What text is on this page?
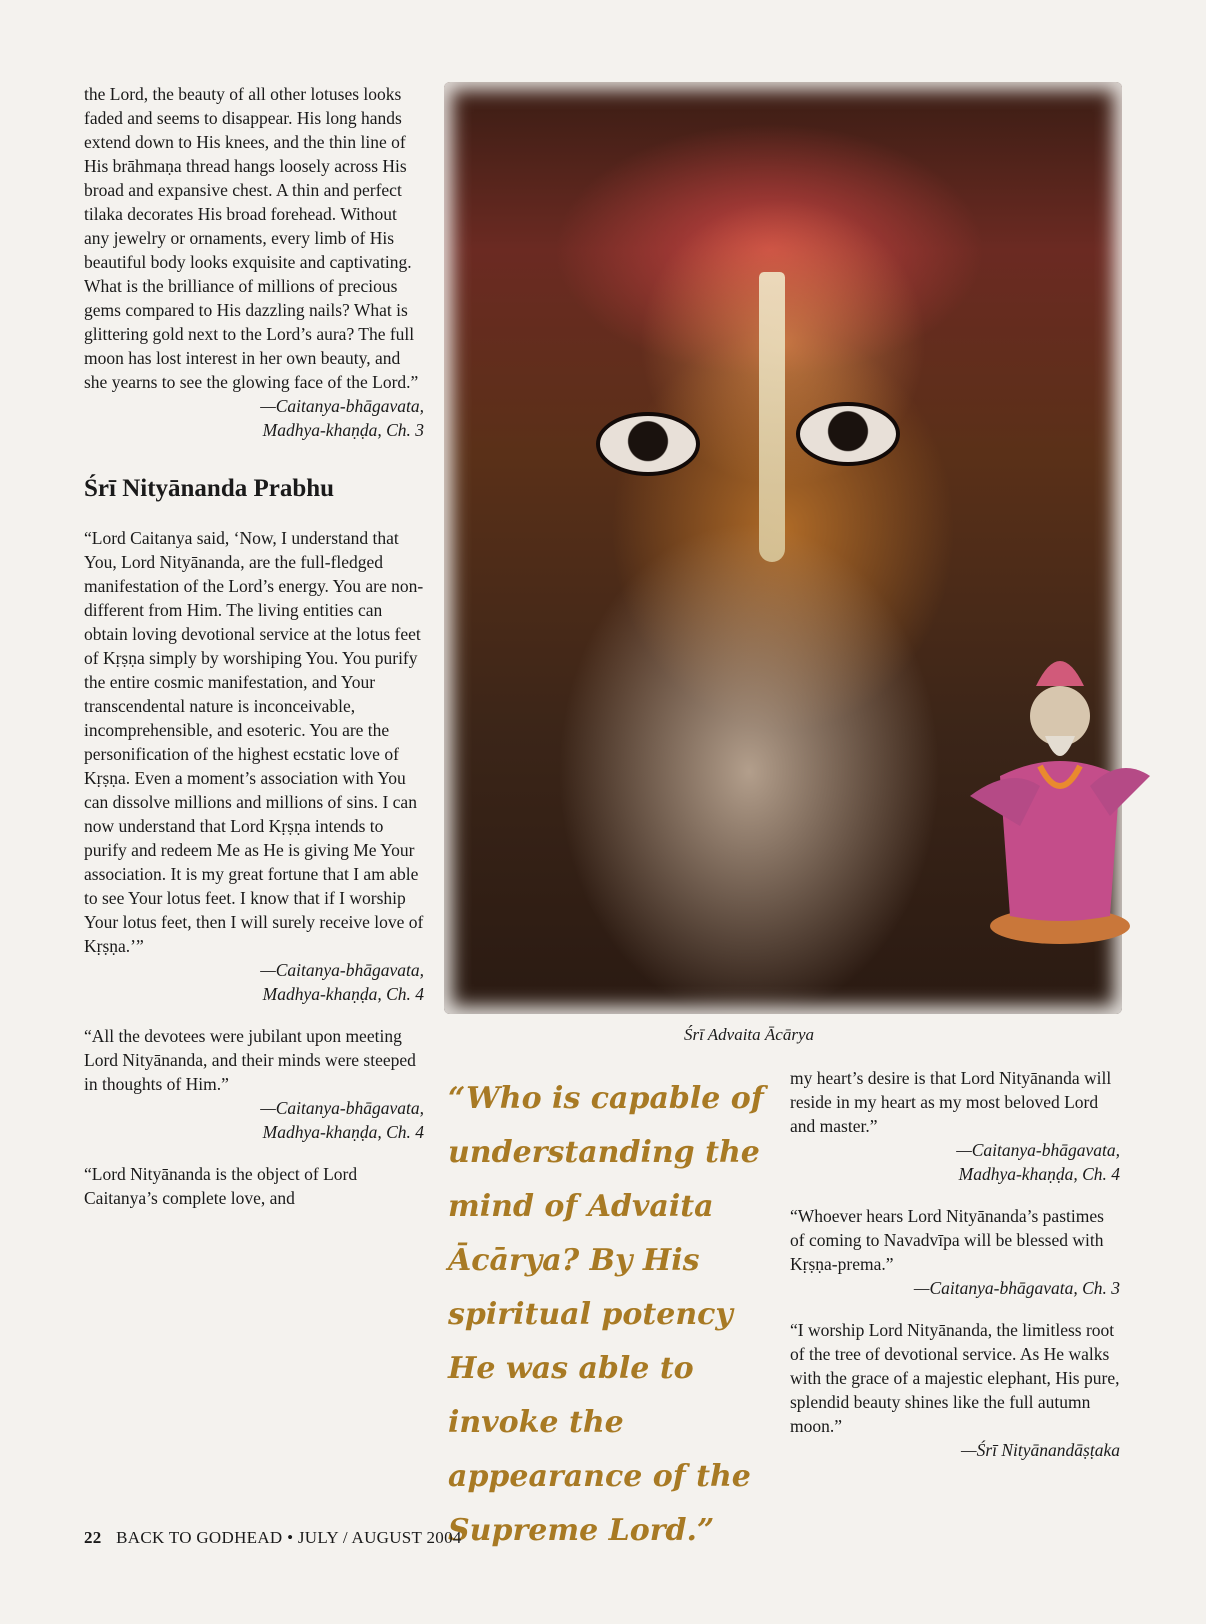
the Lord, the beauty of all other lotuses looks faded and seems to disappear. His long hands extend down to His knees, and the thin line of His brāhmaṇa thread hangs loosely across His broad and expansive chest. A thin and perfect tilaka decorates His broad forehead. Without any jewelry or ornaments, every limb of His beautiful body looks exquisite and captivating. What is the brilliance of millions of precious gems compared to His dazzling nails? What is glittering gold next to the Lord’s aura? The full moon has lost interest in her own beauty, and she yearns to see the glowing face of the Lord.”

—Caitanya-bhāgavata,
Madhya-khaṇḍa, Ch. 3
Śrī Nityānanda Prabhu

“Lord Caitanya said, ‘Now, I understand that You, Lord Nityānanda, are the full-fledged manifestation of the Lord’s energy. You are non-different from Him. The living entities can obtain loving devotional service at the lotus feet of Kṛṣṇa simply by worshiping You. You purify the entire cosmic manifestation, and Your transcendental nature is inconceivable, incomprehensible, and esoteric. You are the personification of the highest ecstatic love of Kṛṣṇa. Even a moment’s association with You can dissolve millions and millions of sins. I can now understand that Lord Kṛṣṇa intends to purify and redeem Me as He is giving Me Your association. It is my great fortune that I am able to see Your lotus feet. I know that if I worship Your lotus feet, then I will surely receive love of Kṛṣṇa.’”

—Caitanya-bhāgavata,
Madhya-khaṇḍa, Ch. 4

“All the devotees were jubilant upon meeting Lord Nityānanda, and their minds were steeped in thoughts of Him.”

—Caitanya-bhāgavata,
Madhya-khaṇḍa, Ch. 4

“Lord Nityānanda is the object of Lord Caitanya’s complete love, and

Śrī Advaita Ācārya
“Who is capable of understanding the mind of Advaita Ācārya? By His spiritual potency He was able to invoke the appearance of the Supreme Lord.”

my heart’s desire is that Lord Nityānanda will reside in my heart as my most beloved Lord and master.”

—Caitanya-bhāgavata,
Madhya-khaṇḍa, Ch. 4

“Whoever hears Lord Nityānanda’s pastimes of coming to Navadvīpa will be blessed with Kṛṣṇa-prema.”

—Caitanya-bhāgavata, Ch. 3

“I worship Lord Nityānanda, the limitless root of the tree of devotional service. As He walks with the grace of a majestic elephant, His pure, splendid beauty shines like the full autumn moon.”

—Śrī Nityānandāṣṭaka
22 BACK TO GODHEAD • JULY / AUGUST 2004
